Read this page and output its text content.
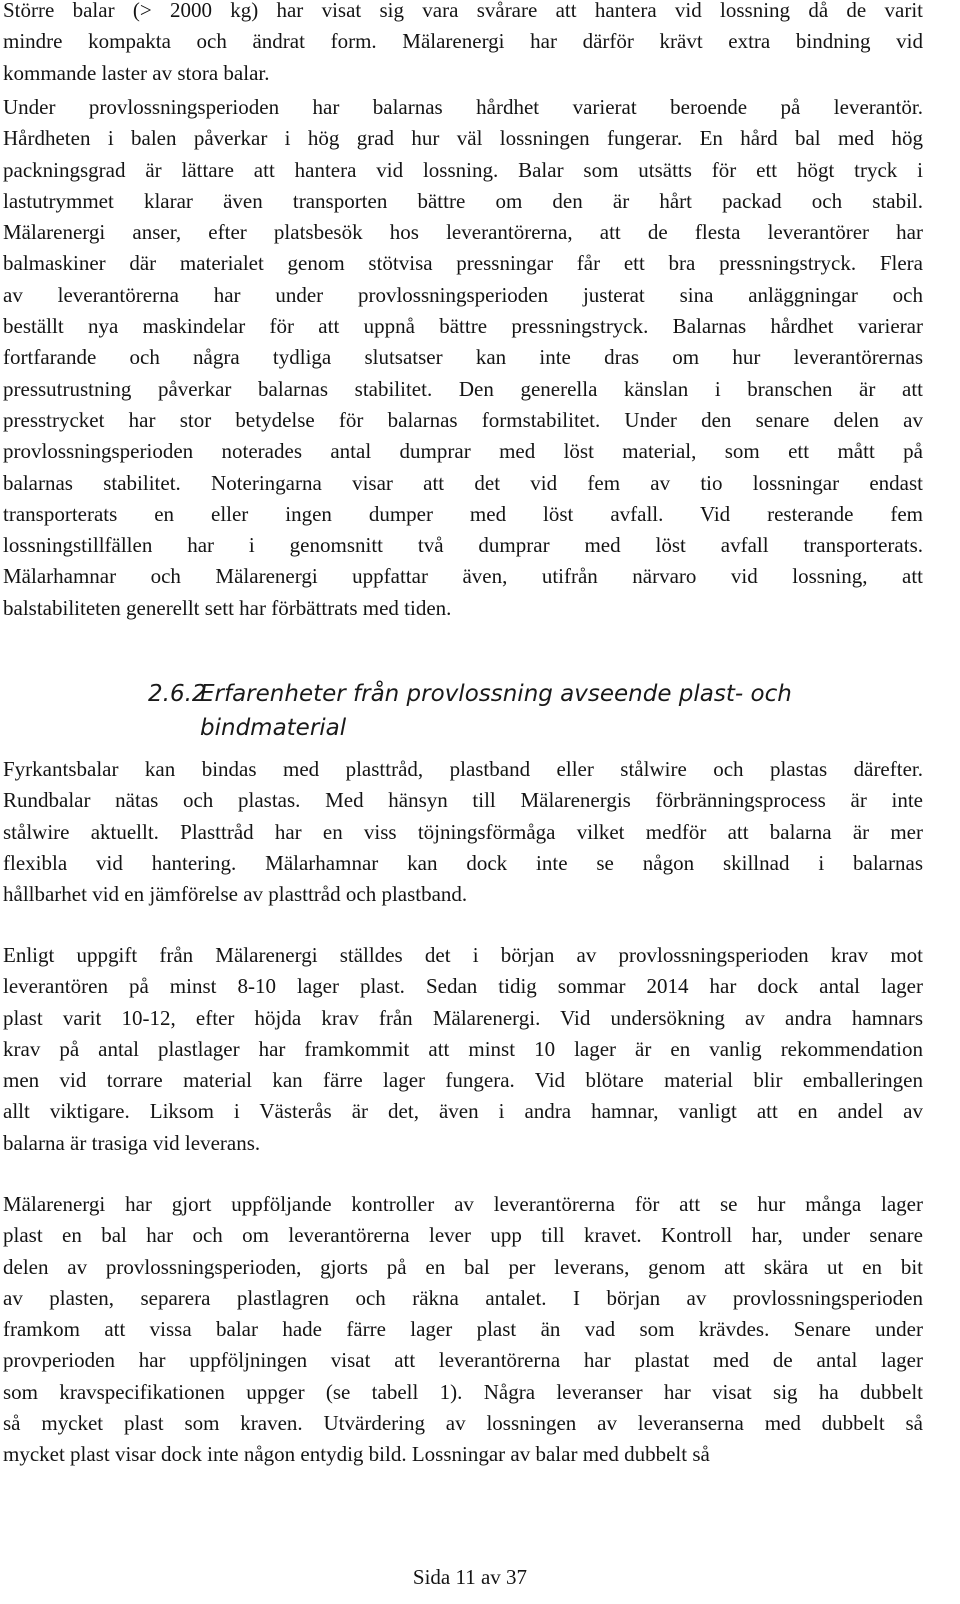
Större balar (> 2000 kg) har visat sig vara svårare att hantera vid lossning då de varit
mindre kompakta och ändrat form. Mälarenergi har därför krävt extra bindning vid
kommande laster av stora balar.
Under provlossningsperioden har balarnas hårdhet varierat beroende på leverantör.
Hårdheten i balen påverkar i hög grad hur väl lossningen fungerar. En hård bal med hög
packningsgrad är lättare att hantera vid lossning. Balar som utsätts för ett högt tryck i
lastutrymmet klarar även transporten bättre om den är hårt packad och stabil.
Mälarenergi anser, efter platsbesök hos leverantörerna, att de flesta leverantörer har
balmaskiner där materialet genom stötvisa pressningar får ett bra pressningstryck. Flera
av leverantörerna har under provlossningsperioden justerat sina anläggningar och
beställt nya maskindelar för att uppnå bättre pressningstryck. Balarnas hårdhet varierar
fortfarande och några tydliga slutsatser kan inte dras om hur leverantörernas
pressutrustning påverkar balarnas stabilitet. Den generella känslan i branschen är att
presstrycket har stor betydelse för balarnas formstabilitet. Under den senare delen av
provlossningsperioden noterades antal dumprar med löst material, som ett mått på
balarnas stabilitet. Noteringarna visar att det vid fem av tio lossningar endast
transporterats en eller ingen dumper med löst avfall. Vid resterande fem
lossningstillfällen har i genomsnitt två dumprar med löst avfall transporterats.
Mälarhamnar och Mälarenergi uppfattar även, utifrån närvaro vid lossning, att
balstabiliteten generellt sett har förbättrats med tiden.
2.6.2Erfarenheter från provlossning avseende plast- och
bindmaterial
Fyrkantsbalar kan bindas med plasttråd, plastband eller stålwire och plastas därefter.
Rundbalar nätas och plastas. Med hänsyn till Mälarenergis förbränningsprocess är inte
stålwire aktuellt. Plasttråd har en viss töjningsförmåga vilket medför att balarna är mer
flexibla vid hantering. Mälarhamnar kan dock inte se någon skillnad i balarnas
hållbarhet vid en jämförelse av plasttråd och plastband.
Enligt uppgift från Mälarenergi ställdes det i början av provlossningsperioden krav mot
leverantören på minst 8-10 lager plast. Sedan tidig sommar 2014 har dock antal lager
plast varit 10-12, efter höjda krav från Mälarenergi. Vid undersökning av andra hamnars
krav på antal plastlager har framkommit att minst 10 lager är en vanlig rekommendation
men vid torrare material kan färre lager fungera. Vid blötare material blir emballeringen
allt viktigare. Liksom i Västerås är det, även i andra hamnar, vanligt att en andel av
balarna är trasiga vid leverans.
Mälarenergi har gjort uppföljande kontroller av leverantörerna för att se hur många lager
plast en bal har och om leverantörerna lever upp till kravet. Kontroll har, under senare
delen av provlossningsperioden, gjorts på en bal per leverans, genom att skära ut en bit
av plasten, separera plastlagren och räkna antalet. I början av provlossningsperioden
framkom att vissa balar hade färre lager plast än vad som krävdes. Senare under
provperioden har uppföljningen visat att leverantörerna har plastat med de antal lager
som kravspecifikationen uppger (se tabell 1). Några leveranser har visat sig ha dubbelt
så mycket plast som kraven. Utvärdering av lossningen av leveranserna med dubbelt så
mycket plast visar dock inte någon entydig bild. Lossningar av balar med dubbelt så
Sida 11 av 37
